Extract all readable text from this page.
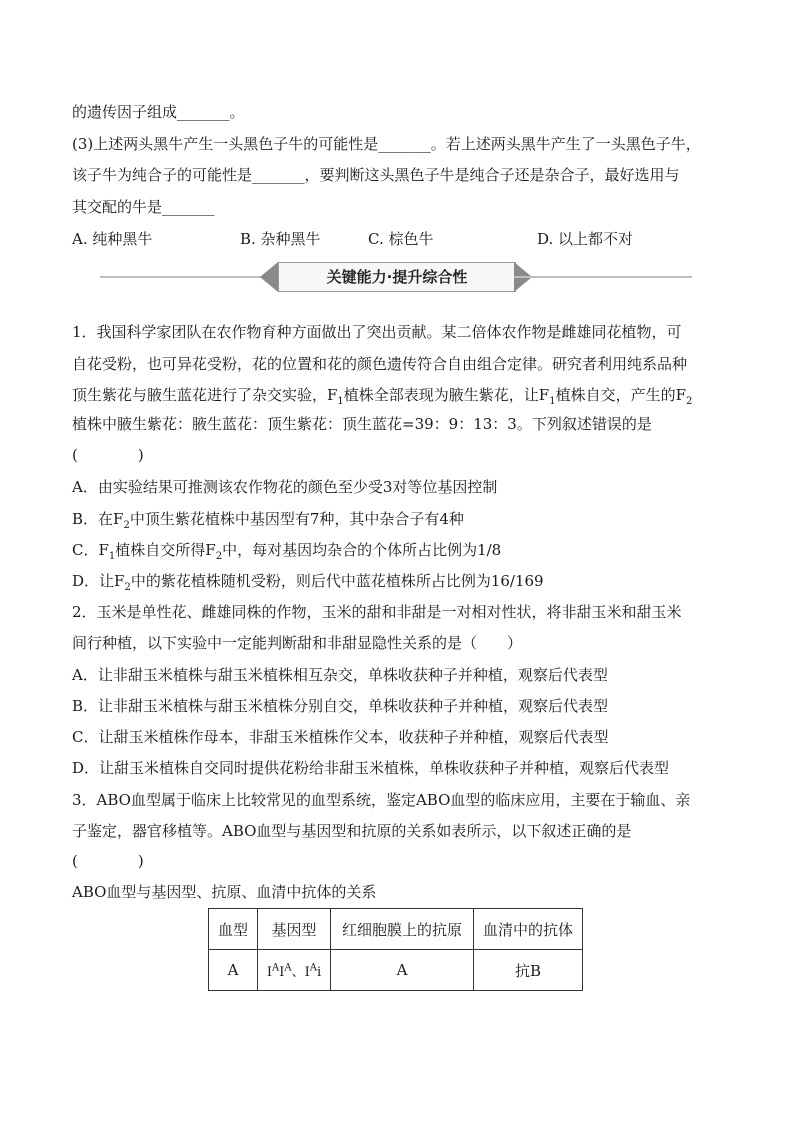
的遗传因子组成_______。
(3)上述两头黑牛产生一头黑色子牛的可能性是_______。若上述两头黑牛产生了一头黑色子牛，
该子牛为纯合子的可能性是_______，要判断这头黑色子牛是纯合子还是杂合子，最好选用与
其交配的牛是_______
A. 纯种黑牛	B. 杂种黑牛	C. 棕色牛	D. 以上都不对
关键能力·提升综合性
1．我国科学家团队在农作物育种方面做出了突出贡献。某二倍体农作物是雌雄同花植物，可
自花受粉，也可异花受粉，花的位置和花的颜色遗传符合自由组合定律。研究者利用纯系品种
顶生紫花与腋生蓝花进行了杂交实验，$F_1$植株全部表现为腋生紫花，让$F_1$植株自交，产生的$F_2$
植株中腋生紫花：腋生蓝花：顶生紫花：顶生蓝花=39：9：13：3。下列叙述错误的是
(　　　　)
A．由实验结果可推测该农作物花的颜色至少受3对等位基因控制
B．在$F_2$中顶生紫花植株中基因型有7种，其中杂合子有4种
C．$F_1$植株自交所得$F_2$中，每对基因均杂合的个体所占比例为1/8
D．让$F_2$中的紫花植株随机受粉，则后代中蓝花植株所占比例为16/169
2．玉米是单性花、雌雄同株的作物，玉米的甜和非甜是一对相对性状，将非甜玉米和甜玉米
间行种植，以下实验中一定能判断甜和非甜显隐性关系的是（　　）
A．让非甜玉米植株与甜玉米植株相互杂交，单株收获种子并种植，观察后代表型
B．让非甜玉米植株与甜玉米植株分别自交，单株收获种子并种植，观察后代表型
C．让甜玉米植株作母本，非甜玉米植株作父本，收获种子并种植，观察后代表型
D．让甜玉米植株自交同时提供花粉给非甜玉米植株，单株收获种子并种植，观察后代表型
3．ABO血型属于临床上比较常见的血型系统，鉴定ABO血型的临床应用，主要在于输血、亲
子鉴定，器官移植等。ABO血型与基因型和抗原的关系如表所示，以下叙述正确的是
(　　　　)
ABO血型与基因型、抗原、血清中抗体的关系
血型	基因型	红细胞膜上的抗原	血清中的抗体
A	$I^AI^A$、$I^Ai$	A	抗B
